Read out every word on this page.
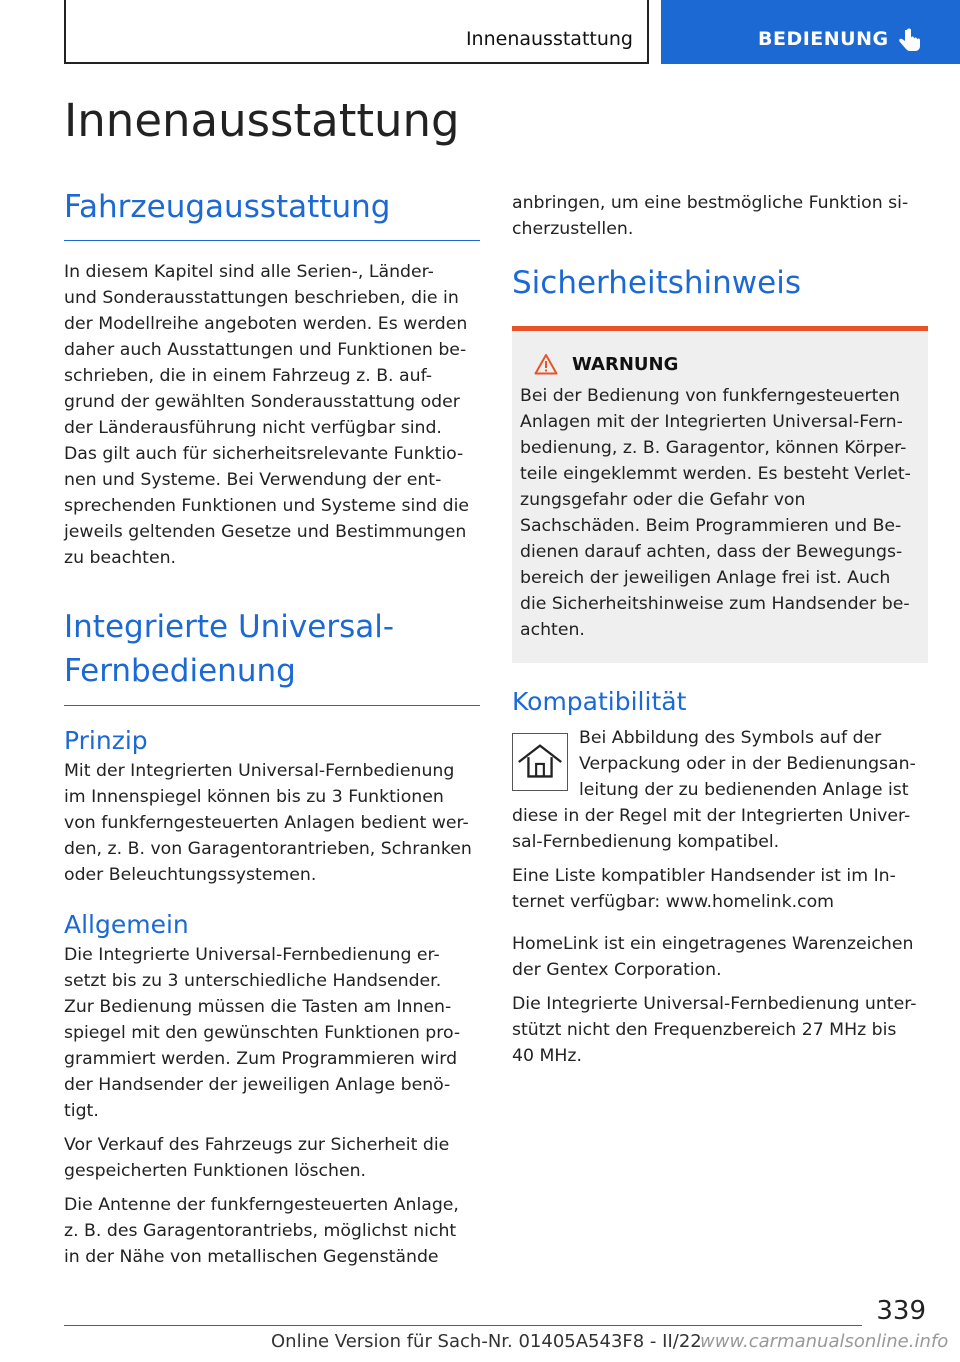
Innenausstattung	BEDIENUNG
Innenausstattung
Fahrzeugausstattung
In diesem Kapitel sind alle Serien-, Länder-
und Sonderausstattungen beschrieben, die in
der Modellreihe angeboten werden. Es werden
daher auch Ausstattungen und Funktionen be-
schrieben, die in einem Fahrzeug z. B. auf-
grund der gewählten Sonderausstattung oder
der Länderausführung nicht verfügbar sind.
Das gilt auch für sicherheitsrelevante Funktio-
nen und Systeme. Bei Verwendung der ent-
sprechenden Funktionen und Systeme sind die
jeweils geltenden Gesetze und Bestimmungen
zu beachten.
Integrierte Universal-
Fernbedienung
Prinzip
Mit der Integrierten Universal-Fernbedienung
im Innenspiegel können bis zu 3 Funktionen
von funkferngesteuerten Anlagen bedient wer-
den, z. B. von Garagentorantrieben, Schranken
oder Beleuchtungssystemen.
Allgemein
Die Integrierte Universal-Fernbedienung er-
setzt bis zu 3 unterschiedliche Handsender.
Zur Bedienung müssen die Tasten am Innen-
spiegel mit den gewünschten Funktionen pro-
grammiert werden. Zum Programmieren wird
der Handsender der jeweiligen Anlage benö-
tigt.
Vor Verkauf des Fahrzeugs zur Sicherheit die
gespeicherten Funktionen löschen.
Die Antenne der funkferngesteuerten Anlage,
z. B. des Garagentorantriebs, möglichst nicht
in der Nähe von metallischen Gegenstände
anbringen, um eine bestmögliche Funktion si-
cherzustellen.
Sicherheitshinweis
WARNUNG
Bei der Bedienung von funkferngesteuerten
Anlagen mit der Integrierten Universal-Fern-
bedienung, z. B. Garagentor, können Körper-
teile eingeklemmt werden. Es besteht Verlet-
zungsgefahr oder die Gefahr von
Sachschäden. Beim Programmieren und Be-
dienen darauf achten, dass der Bewegungs-
bereich der jeweiligen Anlage frei ist. Auch
die Sicherheitshinweise zum Handsender be-
achten.
Kompatibilität
Bei Abbildung des Symbols auf der
Verpackung oder in der Bedienungsan-
leitung der zu bedienenden Anlage ist
diese in der Regel mit der Integrierten Univer-
sal-Fernbedienung kompatibel.
Eine Liste kompatibler Handsender ist im In-
ternet verfügbar: www.homelink.com
HomeLink ist ein eingetragenes Warenzeichen
der Gentex Corporation.
Die Integrierte Universal-Fernbedienung unter-
stützt nicht den Frequenzbereich 27 MHz bis
40 MHz.
339
Online Version für Sach-Nr. 01405A543F8 - II/22
www.carmanualsonline.info
